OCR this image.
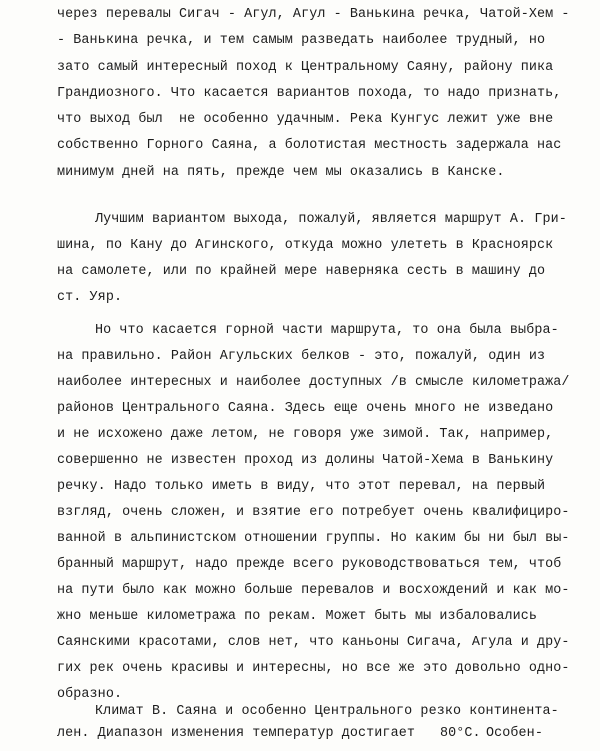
через перевалы Сигач - Агул, Агул - Ванькина речка, Чатой-Хем -
- Ванькина речка, и тем самым разведать наиболее трудный, но
зато самый интересный поход к Центральному Саяну, району пика
Грандиозного. Что касается вариантов похода, то надо признать,
что выход был  не особенно удачным. Река Кунгус лежит уже вне
собственно Горного Саяна, а болотистая местность задержала нас
минимум дней на пять, прежде чем мы оказались в Канске.
Лучшим вариантом выхода, пожалуй, является маршрут А. Гри-
шина, по Кану до Агинского, откуда можно улететь в Красноярск
на самолете, или по крайней мере наверняка сесть в машину до
ст. Уяр.
Но что касается горной части маршрута, то она была выбра-
на правильно. Район Агульских белков - это, пожалуй, один из
наиболее интересных и наиболее доступных /в смысле километража/
районов Центрального Саяна. Здесь еще очень много не изведано
и не исхожено даже летом, не говоря уже зимой. Так, например,
совершенно не известен проход из долины Чатой-Хема в Ванькину
речку. Надо только иметь в виду, что этот перевал, на первый
взгляд, очень сложен, и взятие его потребует очень квалифициро-
ванной в альпинистском отношении группы. Но каким бы ни был вы-
бранный маршрут, надо прежде всего руководствоваться тем, чтоб
на пути было как можно больше перевалов и восхождений и как мо-
жно меньше километража по рекам. Может быть мы избаловались
Саянскими красотами, слов нет, что каньоны Сигача, Агула и дру-
гих рек очень красивы и интересны, но все же это довольно одно-
образно.
Климат В. Саяна и особенно Центрального резко континента-
лен. Диапазон изменения температур достигает 80°С. Особен-
